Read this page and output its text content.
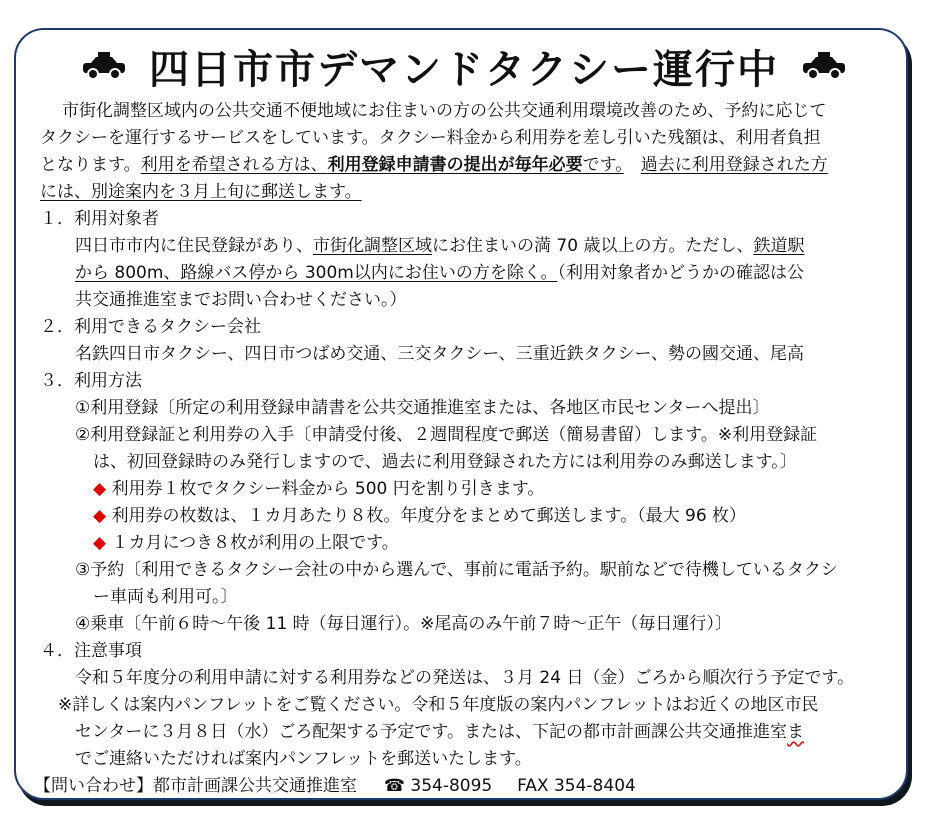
四日市市デマンドタクシー運行中
市街化調整区域内の公共交通不便地域にお住まいの方の公共交通利用環境改善のため、予約に応じて
タクシーを運行するサービスをしています。タクシー料金から利用券を差し引いた残額は、利用者負担
となります。利用を希望される方は、利用登録申請書の提出が毎年必要です。　 過去に利用登録された方
には、別途案内を３月上旬に郵送します。
１．利用対象者
四日市市内に住民登録があり、市街化調整区域にお住まいの満 70 歳以上の方。ただし、鉄道駅
から 800m、路線バス停から 300m以内にお住いの方を除く。（利用対象者かどうかの確認は公
共交通推進室までお問い合わせください。）
２．利用できるタクシー会社
名鉄四日市タクシー、四日市つばめ交通、三交タクシー、三重近鉄タクシー、勢の國交通、尾高
３．利用方法
①利用登録〔所定の利用登録申請書を公共交通推進室または、各地区市民センターへ提出〕
②利用登録証と利用券の入手〔申請受付後、２週間程度で郵送（簡易書留）します。※利用登録証
は、初回登録時のみ発行しますので、過去に利用登録された方には利用券のみ郵送します。〕
◆ 利用券１枚でタクシー料金から 500 円を割り引きます。
◆ 利用券の枚数は、１カ月あたり８枚。年度分をまとめて郵送します。（最大 96 枚）
◆ １カ月につき８枚が利用の上限です。
③予約〔利用できるタクシー会社の中から選んで、事前に電話予約。駅前などで待機しているタクシ
ー車両も利用可。〕
④乗車〔午前６時～午後 11 時（毎日運行）。※尾高のみ午前７時～正午（毎日運行）〕
４．注意事項
令和５年度分の利用申請に対する利用券などの発送は、３月 24 日（金）ごろから順次行う予定です。
※詳しくは案内パンフレットをご覧ください。令和５年度版の案内パンフレットはお近くの地区市民
センターに３月８日（水）ごろ配架する予定です。または、下記の都市計画課公共交通推進室ま
でご連絡いただければ案内パンフレットを郵送いたします。
【問い合わせ】都市計画課公共交通推進室 ☎ 354-8095 FAX 354-8404
